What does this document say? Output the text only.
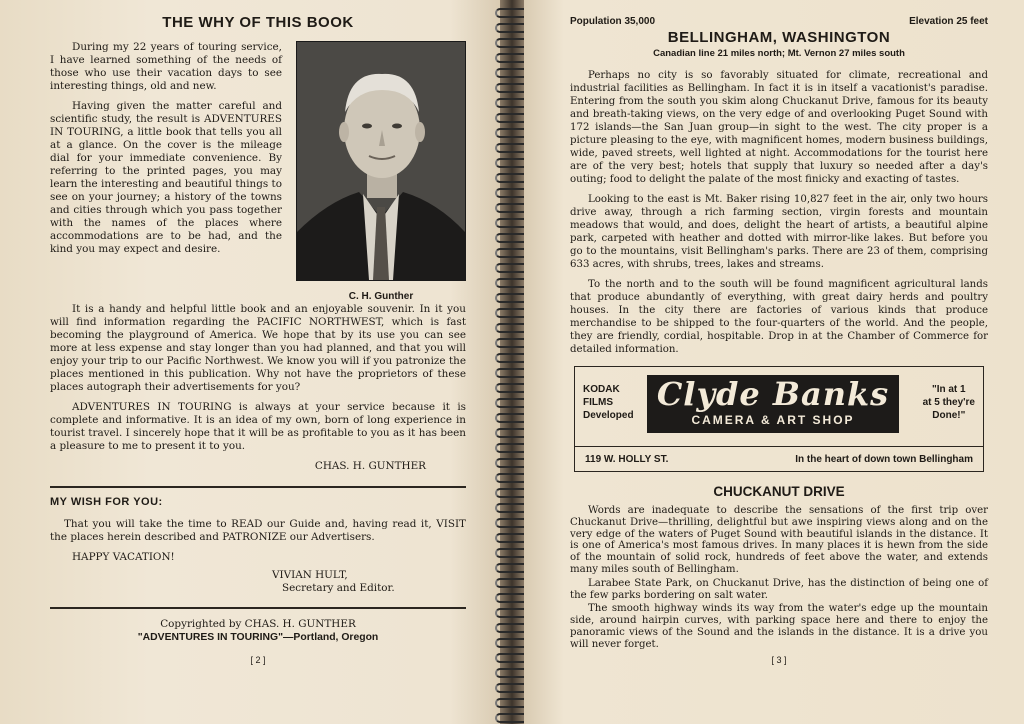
THE WHY OF THIS BOOK

During my 22 years of touring service, I have learned something of the needs of those who use their vacation days to see interesting things, old and new.

Having given the matter careful and scientific study, the result is ADVENTURES IN TOURING, a little book that tells you all at a glance. On the cover is the mileage dial for your immediate convenience. By referring to the printed pages, you may learn the interesting and beautiful things to see on your journey; a history of the towns and cities through which you pass together with the names of the places where accommodations are to be had, and the kind you may expect and desire.

C. H. Gunther

It is a handy and helpful little book and an enjoyable souvenir. In it you will find information regarding the PACIFIC NORTHWEST, which is fast becoming the playground of America. We hope that by its use you can see more at less expense and stay longer than you had planned, and that you will enjoy your trip to our Pacific Northwest. We know you will if you patronize the places mentioned in this publication. Why not have the proprietors of these places autograph their advertisements for you?

ADVENTURES IN TOURING is always at your service because it is complete and informative. It is an idea of my own, born of long experience in tourist travel. I sincerely hope that it will be as profitable to you as it has been a pleasure to me to present it to you.

CHAS. H. GUNTHER
MY WISH FOR YOU:

That you will take the time to READ our Guide and, having read it, VISIT the places herein described and PATRONIZE our Advertisers.

HAPPY VACATION!
VIVIAN HULT,
Secretary and Editor.
Copyrighted by CHAS. H. GUNTHER
"ADVENTURES IN TOURING"—Portland, Oregon
[ 2 ]
Population 35,000	Elevation 25 feet
BELLINGHAM, WASHINGTON
Canadian line 21 miles north; Mt. Vernon 27 miles south

Perhaps no city is so favorably situated for climate, recreational and industrial facilities as Bellingham. In fact it is in itself a vacationist's paradise. Entering from the south you skim along Chuckanut Drive, famous for its beauty and breath-taking views, on the very edge of and overlooking Puget Sound with 172 islands—the San Juan group—in sight to the west. The city proper is a picture pleasing to the eye, with magnificent homes, modern business buildings, wide, paved streets, well lighted at night. Accommodations for the tourist here are of the very best; hotels that supply that luxury so needed after a day's outing; food to delight the palate of the most finicky and exacting of tastes.

Looking to the east is Mt. Baker rising 10,827 feet in the air, only two hours drive away, through a rich farming section, virgin forests and mountain meadows that would, and does, delight the heart of artists, a beautiful alpine park, carpeted with heather and dotted with mirror-like lakes. But before you go to the mountains, visit Bellingham's parks. There are 23 of them, comprising 633 acres, with shrubs, trees, lakes and streams.

To the north and to the south will be found magnificent agricultural lands that produce abundantly of everything, with great dairy herds and poultry houses. In the city there are factories of various kinds that produce merchandise to be shipped to the four-quarters of the world. And the people, they are friendly, cordial, hospitable. Drop in at the Chamber of Commerce for detailed information.

KODAK
FILMS
Developed
Clyde Banks
CAMERA & ART SHOP
"In at 1
at 5 they're
Done!"
119 W. HOLLY ST.	In the heart of down town Bellingham
CHUCKANUT DRIVE

Words are inadequate to describe the sensations of the first trip over Chuckanut Drive—thrilling, delightful but awe inspiring views along and on the very edge of the waters of Puget Sound with beautiful islands in the distance. It is one of America's most famous drives. In many places it is hewn from the side of the mountain of solid rock, hundreds of feet above the water, and extends many miles south of Bellingham.

Larabee State Park, on Chuckanut Drive, has the distinction of being one of the few parks bordering on salt water.

The smooth highway winds its way from the water's edge up the mountain side, around hairpin curves, with parking space here and there to enjoy the panoramic views of the Sound and the islands in the distance. It is a drive you will never forget.

[ 3 ]
